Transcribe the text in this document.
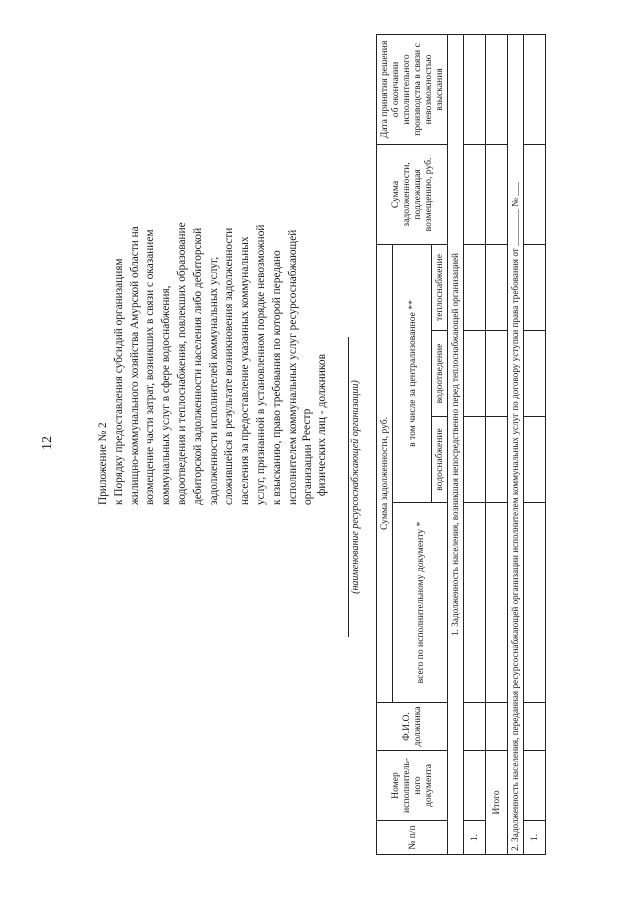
12	Приложение № 2 к Порядку предоставления субсидий организациям жилищно-коммунального хозяйства Амурской области на возмещение части затрат, возникших в связи с оказанием коммунальных услуг в сфере водоснабжения, водоотведения и теплоснабжения, повлекших образование дебиторской задолженности населения либо дебиторской задолженности исполнителей коммунальных услуг, сложившейся в результате возникновения задолженности населения за предоставление указанных коммунальных услуг, признанной в установленном порядке невозможной к взысканию, право требования по которой передано исполнителем коммунальных услуг ресурсоснабжающей организации
Реестр физических лиц - должников (наименование ресурсоснабжающей организации)
№ п/п	Номер исполнитель-ного документа	Ф.И.О. должника	Сумма задолженности, руб.				Сумма задолженности, подлежащая возмещению, руб.	Дата принятия решения об окончании исполнительного производства в связи с невозможностью взыскания
			всего по исполнительному документу *	в том числе за централизованное **				
				водоснабжение	водоотведение	теплоснабжение		
1. Задолженность населения, возникшая непосредственно перед теплоснабжающей организацией								
1.								
Итого								
2. Задолженность населения, переданная ресурсоснабжающей организации исполнителем коммунальных услуг по договору уступки права требования от ________ № ___								
1.								
